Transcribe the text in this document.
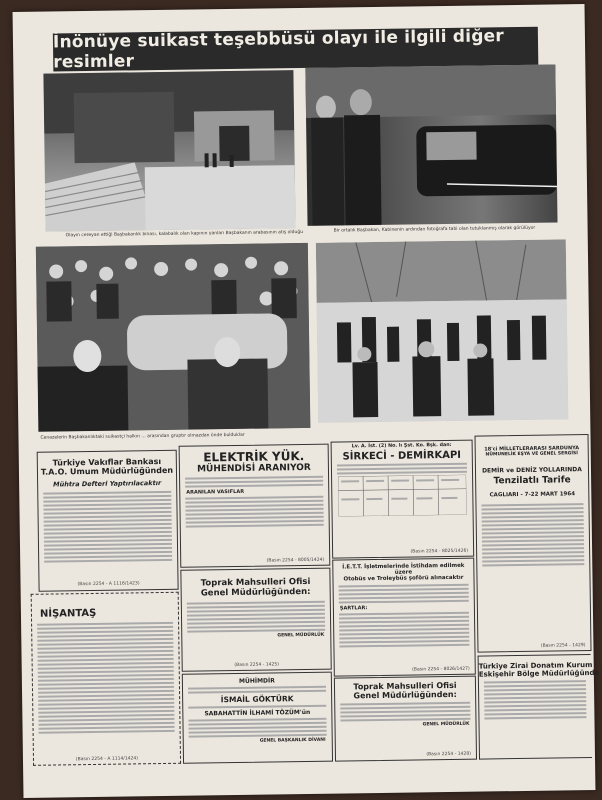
İnönüye suikast teşebbüsü olayı ile ilgili diğer resimler
Olayın cereyan ettiği Başbakanlık binası, kalabalık olan kapının yanları Başbakanın arabasının atış olduğu
Bir ortalık Başbakan, Kabinenin ardından fotoğrafa tabi olan tutuklanmış olarak görülüyor
Cenazelerin Başbakanlıktaki suikastçi halkın ... arasından gruptır olmazdan önde bulduklar
Türkiye Vakıflar Bankası
T.A.O. Umum Müdürlüğünden
Mühtra Defteri Yaptırılacaktır
(Basın 2254 - A 1116/1423)
NİŞANTAŞ
(Basın 2254 - A 1114/1424)
ELEKTRİK YÜK.
MÜHENDİSİ ARANIYOR
ARANILAN VASIFLAR
(Basın 2254 - 8005/1424)
Toprak Mahsulleri Ofisi
Genel Müdürlüğünden:
GENEL MÜDÜRLÜK
(Basın 2254 - 1425)
MÜHİMDİR
İSMAİL GÖKTÜRK
SABAHATTİN İLHAMİ TÖZÜM'ün
GENEL BAŞKANLIK DİVANI
Lv. A. İst. (2) No. lı Şst. Ko. Bşk. dan:
SİRKECİ - DEMİRKAPI
(Basın 2254 - 8025/1426)
İ.E.T.T. İşletmelerinde İstihdam edilmek üzere
Otobüs ve Troleybüs şoförü alınacaktır
ŞARTLAR:
(Basın 2254 - 8026/1427)
Toprak Mahsulleri Ofisi
Genel Müdürlüğünden:
GENEL MÜDÜRLÜK
(Basın 2254 - 1428)
18'ci MİLLETLERARASI SARDUNYA
NÜMUNELİK EŞYA VE GENEL SERGİSİ
DEMİR ve DENİZ YOLLARINDA
Tenzilatlı Tarife
CAGLIARI - 7-22 MART 1964
(Basın 2254 - 1429)
Türkiye Zirai Donatım Kurum
Eskişehir Bölge Müdürlüğünde
